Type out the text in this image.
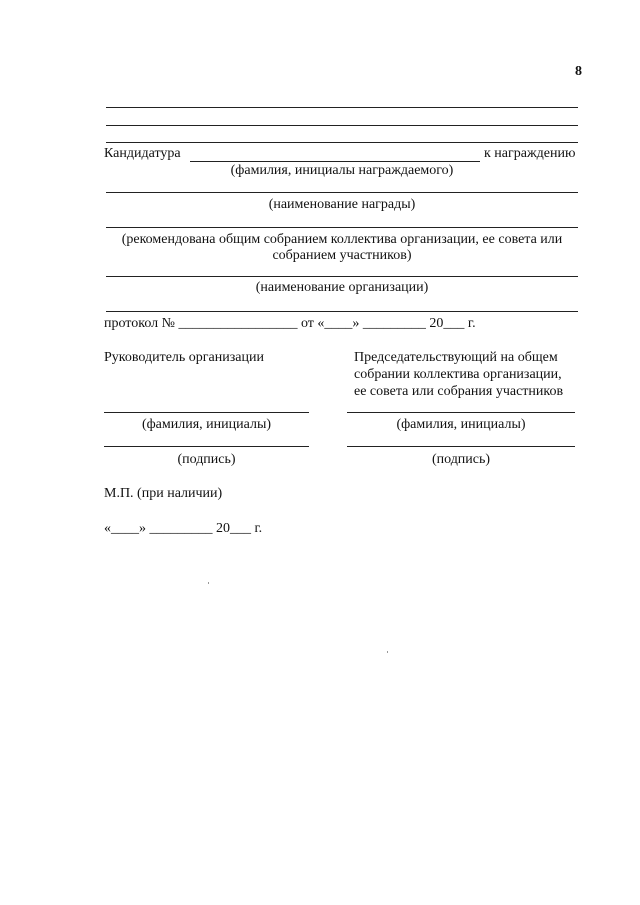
8
Кандидатура	к награждению
(фамилия, инициалы награждаемого)
(наименование награды)
(рекомендована общим собранием коллектива организации, ее совета или
собранием участников)
(наименование организации)
протокол № _________________ от «____» _________ 20___ г.
Руководитель организации
(фамилия, инициалы)
(подпись)
Председательствующий на общем
собрании коллектива организации,
ее совета или собрания участников
(фамилия, инициалы)
(подпись)
М.П. (при наличии)
«____» _________ 20___ г.
